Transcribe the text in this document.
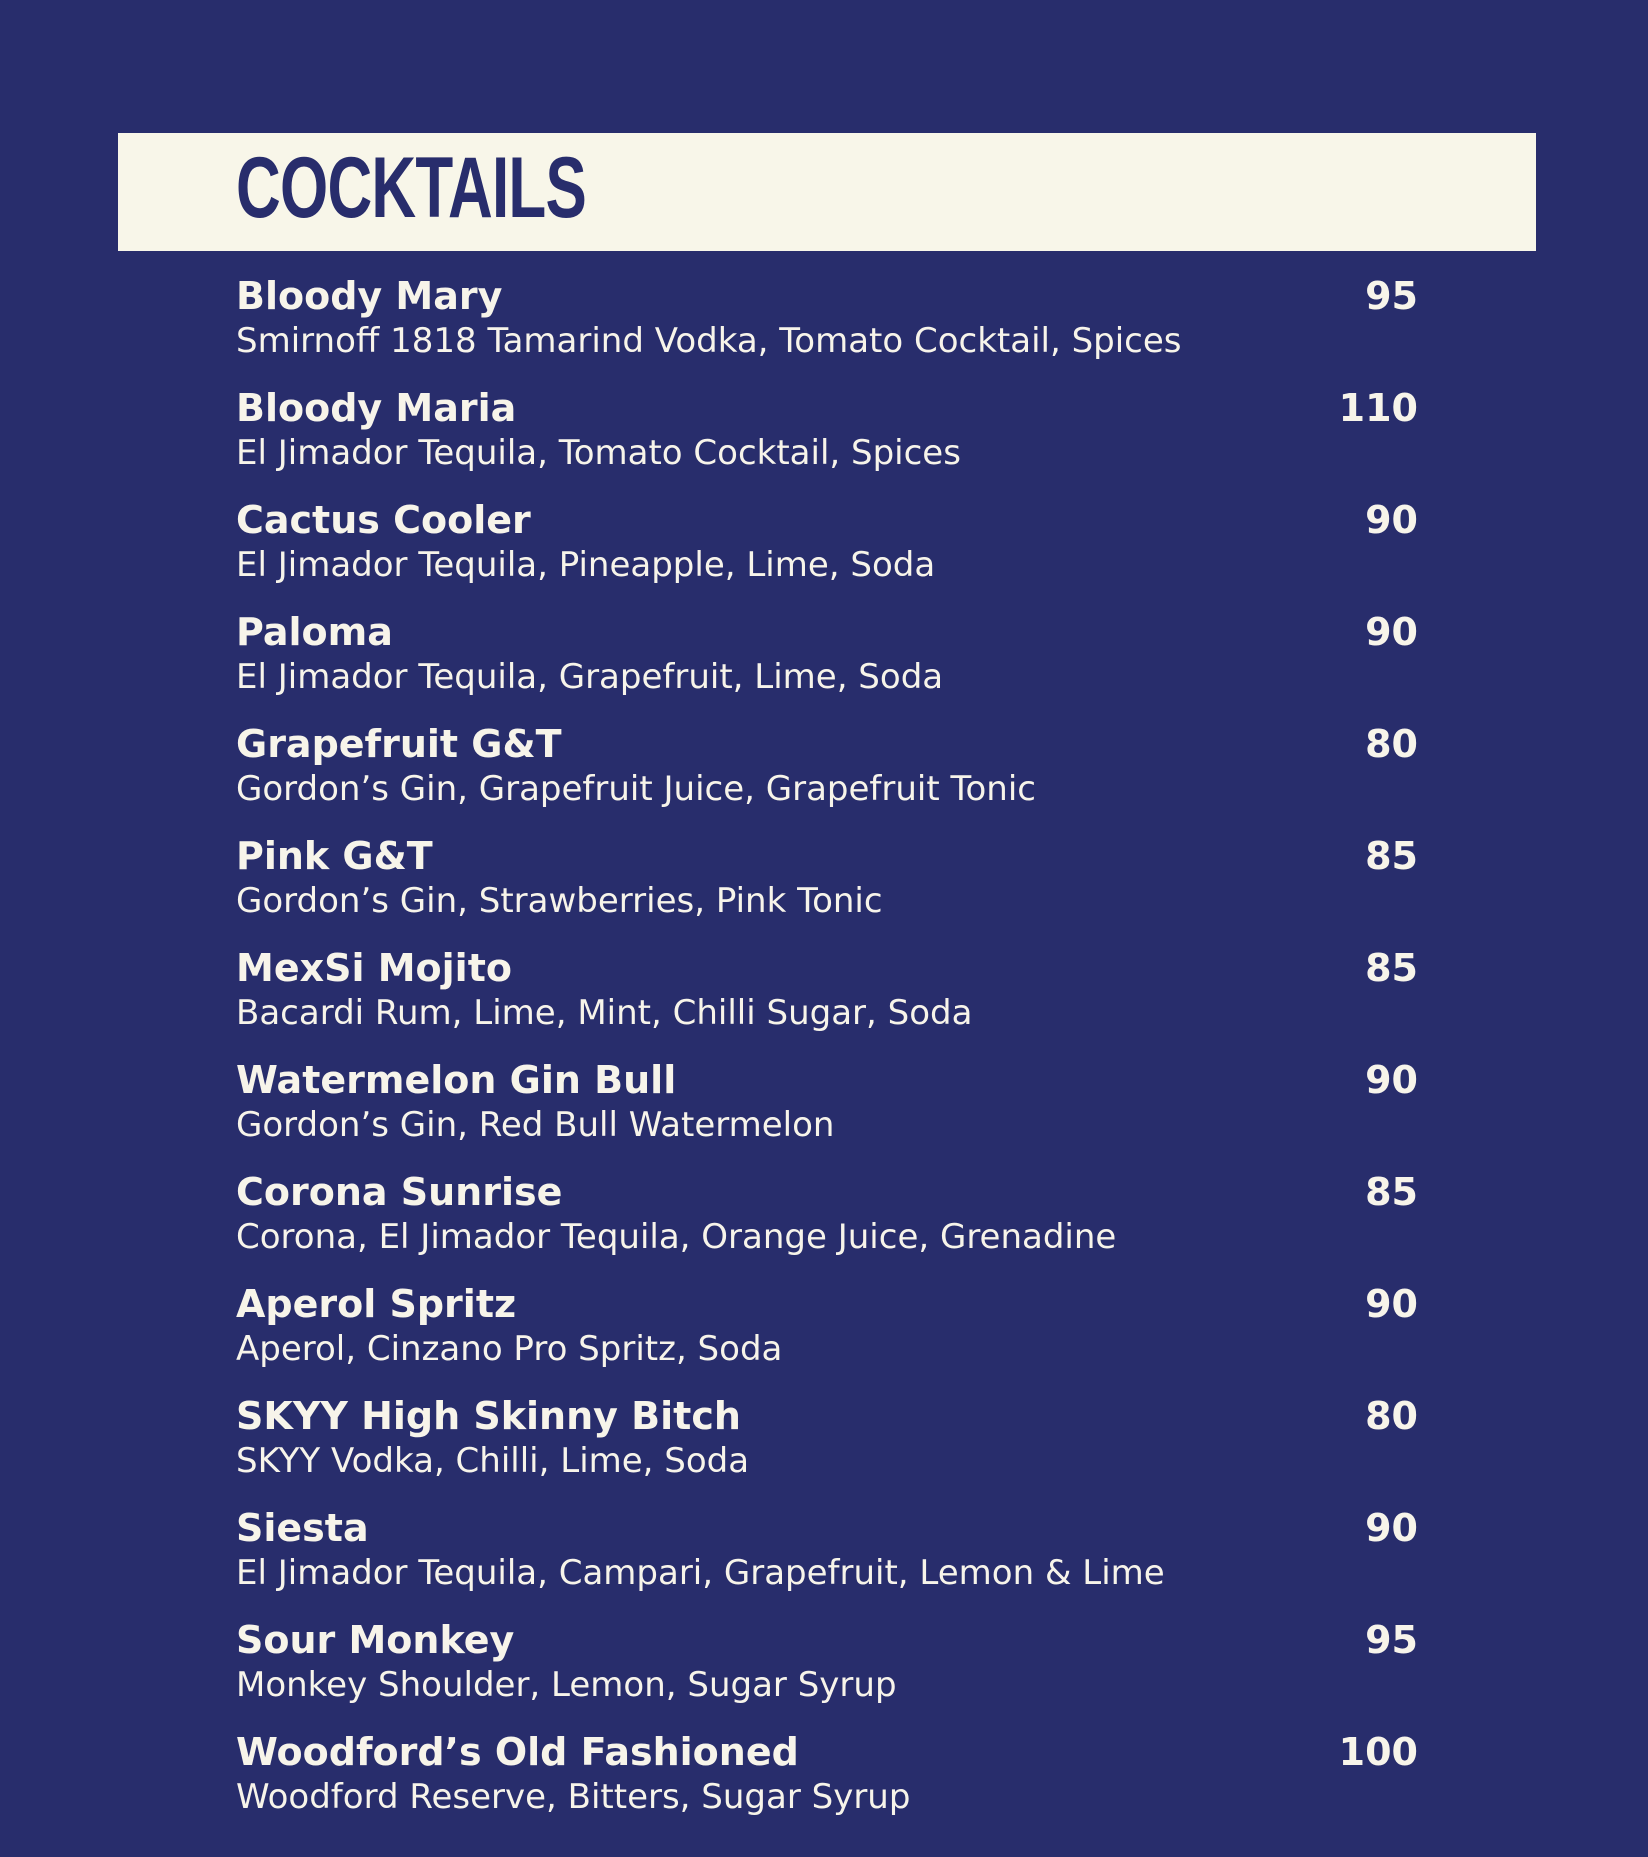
COCKTAILS
Bloody Mary	95
Smirnoff 1818 Tamarind Vodka, Tomato Cocktail, Spices
Bloody Maria	110
El Jimador Tequila, Tomato Cocktail, Spices
Cactus Cooler	90
El Jimador Tequila, Pineapple, Lime, Soda
Paloma	90
El Jimador Tequila, Grapefruit, Lime, Soda
Grapefruit G&T	80
Gordon’s Gin, Grapefruit Juice, Grapefruit Tonic
Pink G&T	85
Gordon’s Gin, Strawberries, Pink Tonic
MexSi Mojito	85
Bacardi Rum, Lime, Mint, Chilli Sugar, Soda
Watermelon Gin Bull	90
Gordon’s Gin, Red Bull Watermelon
Corona Sunrise	85
Corona, El Jimador Tequila, Orange Juice, Grenadine
Aperol Spritz	90
Aperol, Cinzano Pro Spritz, Soda
SKYY High Skinny Bitch	80
SKYY Vodka, Chilli, Lime, Soda
Siesta	90
El Jimador Tequila, Campari, Grapefruit, Lemon & Lime
Sour Monkey	95
Monkey Shoulder, Lemon, Sugar Syrup
Woodford’s Old Fashioned	100
Woodford Reserve, Bitters, Sugar Syrup
